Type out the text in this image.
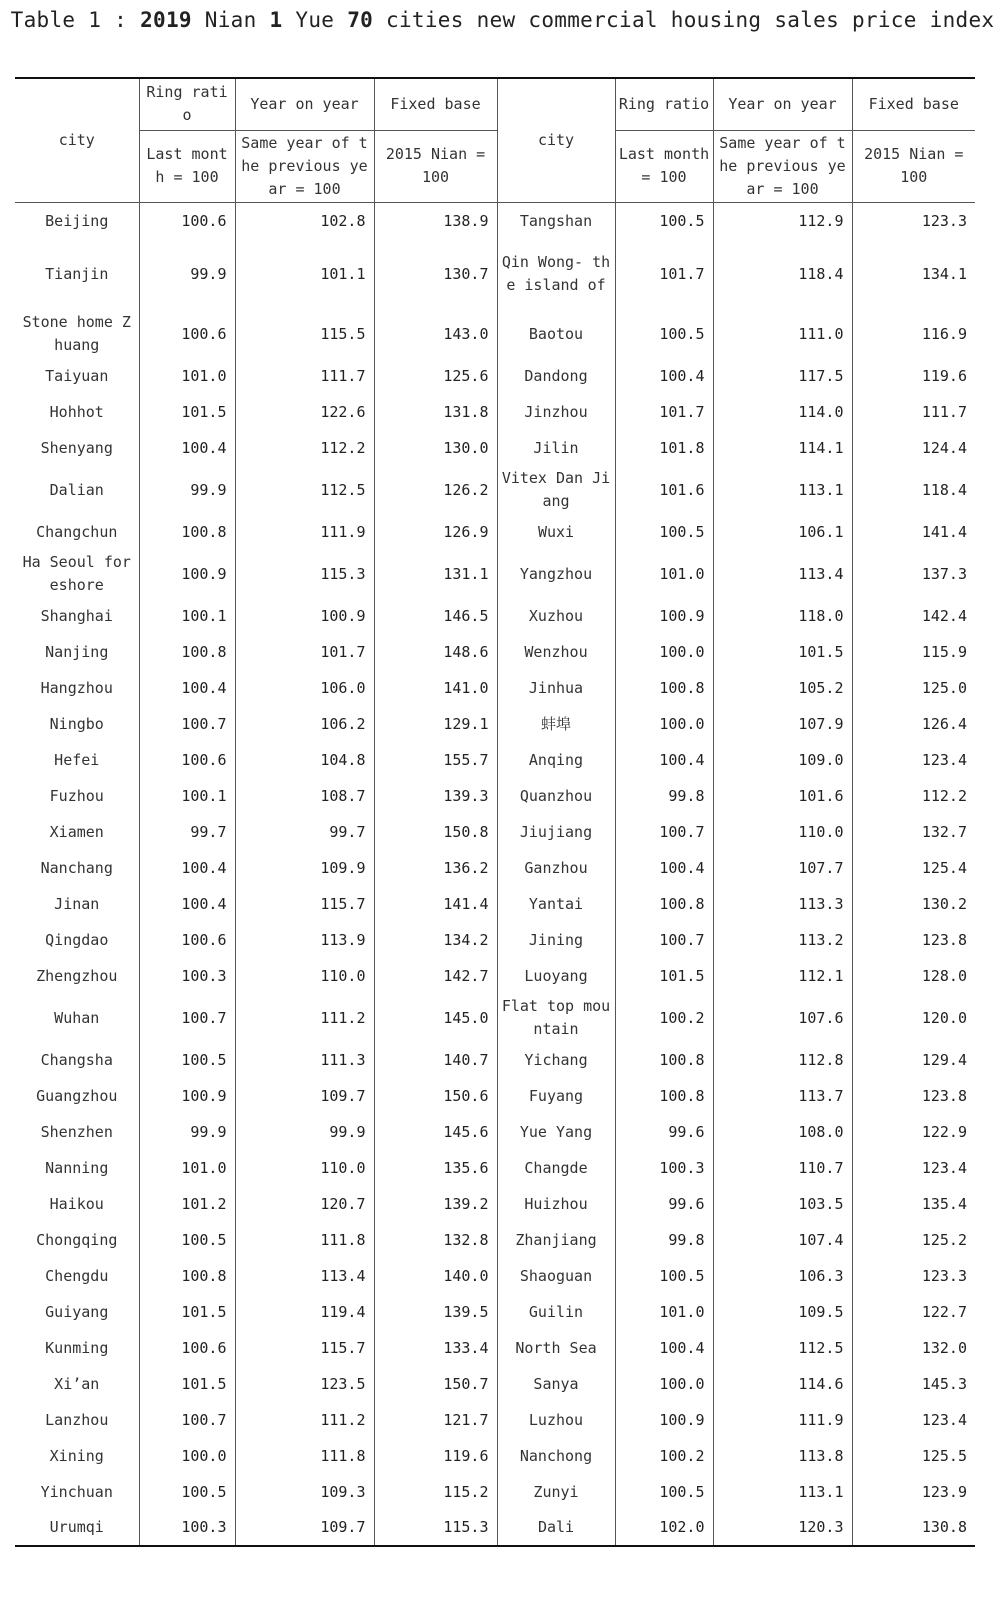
Table 1 : 2019 Nian 1 Yue 70 cities new commercial housing sales price index
city	Ring ratio	Year on year	Fixed base	city	Ring ratio	Year on year	Fixed base
	Last month = 100	Same year of the previous year = 100	2015 Nian = 100		Last month = 100	Same year of the previous year = 100	2015 Nian = 100
Beijing	100.6	102.8	138.9	Tangshan	100.5	112.9	123.3
Tianjin	99.9	101.1	130.7	Qin Wong- the island of	101.7	118.4	134.1
Stone home Zhuang	100.6	115.5	143.0	Baotou	100.5	111.0	116.9
Taiyuan	101.0	111.7	125.6	Dandong	100.4	117.5	119.6
Hohhot	101.5	122.6	131.8	Jinzhou	101.7	114.0	111.7
Shenyang	100.4	112.2	130.0	Jilin	101.8	114.1	124.4
Dalian	99.9	112.5	126.2	Vitex Dan Jiang	101.6	113.1	118.4
Changchun	100.8	111.9	126.9	Wuxi	100.5	106.1	141.4
Ha Seoul for eshore	100.9	115.3	131.1	Yangzhou	101.0	113.4	137.3
Shanghai	100.1	100.9	146.5	Xuzhou	100.9	118.0	142.4
Nanjing	100.8	101.7	148.6	Wenzhou	100.0	101.5	115.9
Hangzhou	100.4	106.0	141.0	Jinhua	100.8	105.2	125.0
Ningbo	100.7	106.2	129.1	蚌埠	100.0	107.9	126.4
Hefei	100.6	104.8	155.7	Anqing	100.4	109.0	123.4
Fuzhou	100.1	108.7	139.3	Quanzhou	99.8	101.6	112.2
Xiamen	99.7	99.7	150.8	Jiujiang	100.7	110.0	132.7
Nanchang	100.4	109.9	136.2	Ganzhou	100.4	107.7	125.4
Jinan	100.4	115.7	141.4	Yantai	100.8	113.3	130.2
Qingdao	100.6	113.9	134.2	Jining	100.7	113.2	123.8
Zhengzhou	100.3	110.0	142.7	Luoyang	101.5	112.1	128.0
Wuhan	100.7	111.2	145.0	Flat top mountain	100.2	107.6	120.0
Changsha	100.5	111.3	140.7	Yichang	100.8	112.8	129.4
Guangzhou	100.9	109.7	150.6	Fuyang	100.8	113.7	123.8
Shenzhen	99.9	99.9	145.6	Yue Yang	99.6	108.0	122.9
Nanning	101.0	110.0	135.6	Changde	100.3	110.7	123.4
Haikou	101.2	120.7	139.2	Huizhou	99.6	103.5	135.4
Chongqing	100.5	111.8	132.8	Zhanjiang	99.8	107.4	125.2
Chengdu	100.8	113.4	140.0	Shaoguan	100.5	106.3	123.3
Guiyang	101.5	119.4	139.5	Guilin	101.0	109.5	122.7
Kunming	100.6	115.7	133.4	North Sea	100.4	112.5	132.0
Xi’an	101.5	123.5	150.7	Sanya	100.0	114.6	145.3
Lanzhou	100.7	111.2	121.7	Luzhou	100.9	111.9	123.4
Xining	100.0	111.8	119.6	Nanchong	100.2	113.8	125.5
Yinchuan	100.5	109.3	115.2	Zunyi	100.5	113.1	123.9
Urumqi	100.3	109.7	115.3	Dali	102.0	120.3	130.8
